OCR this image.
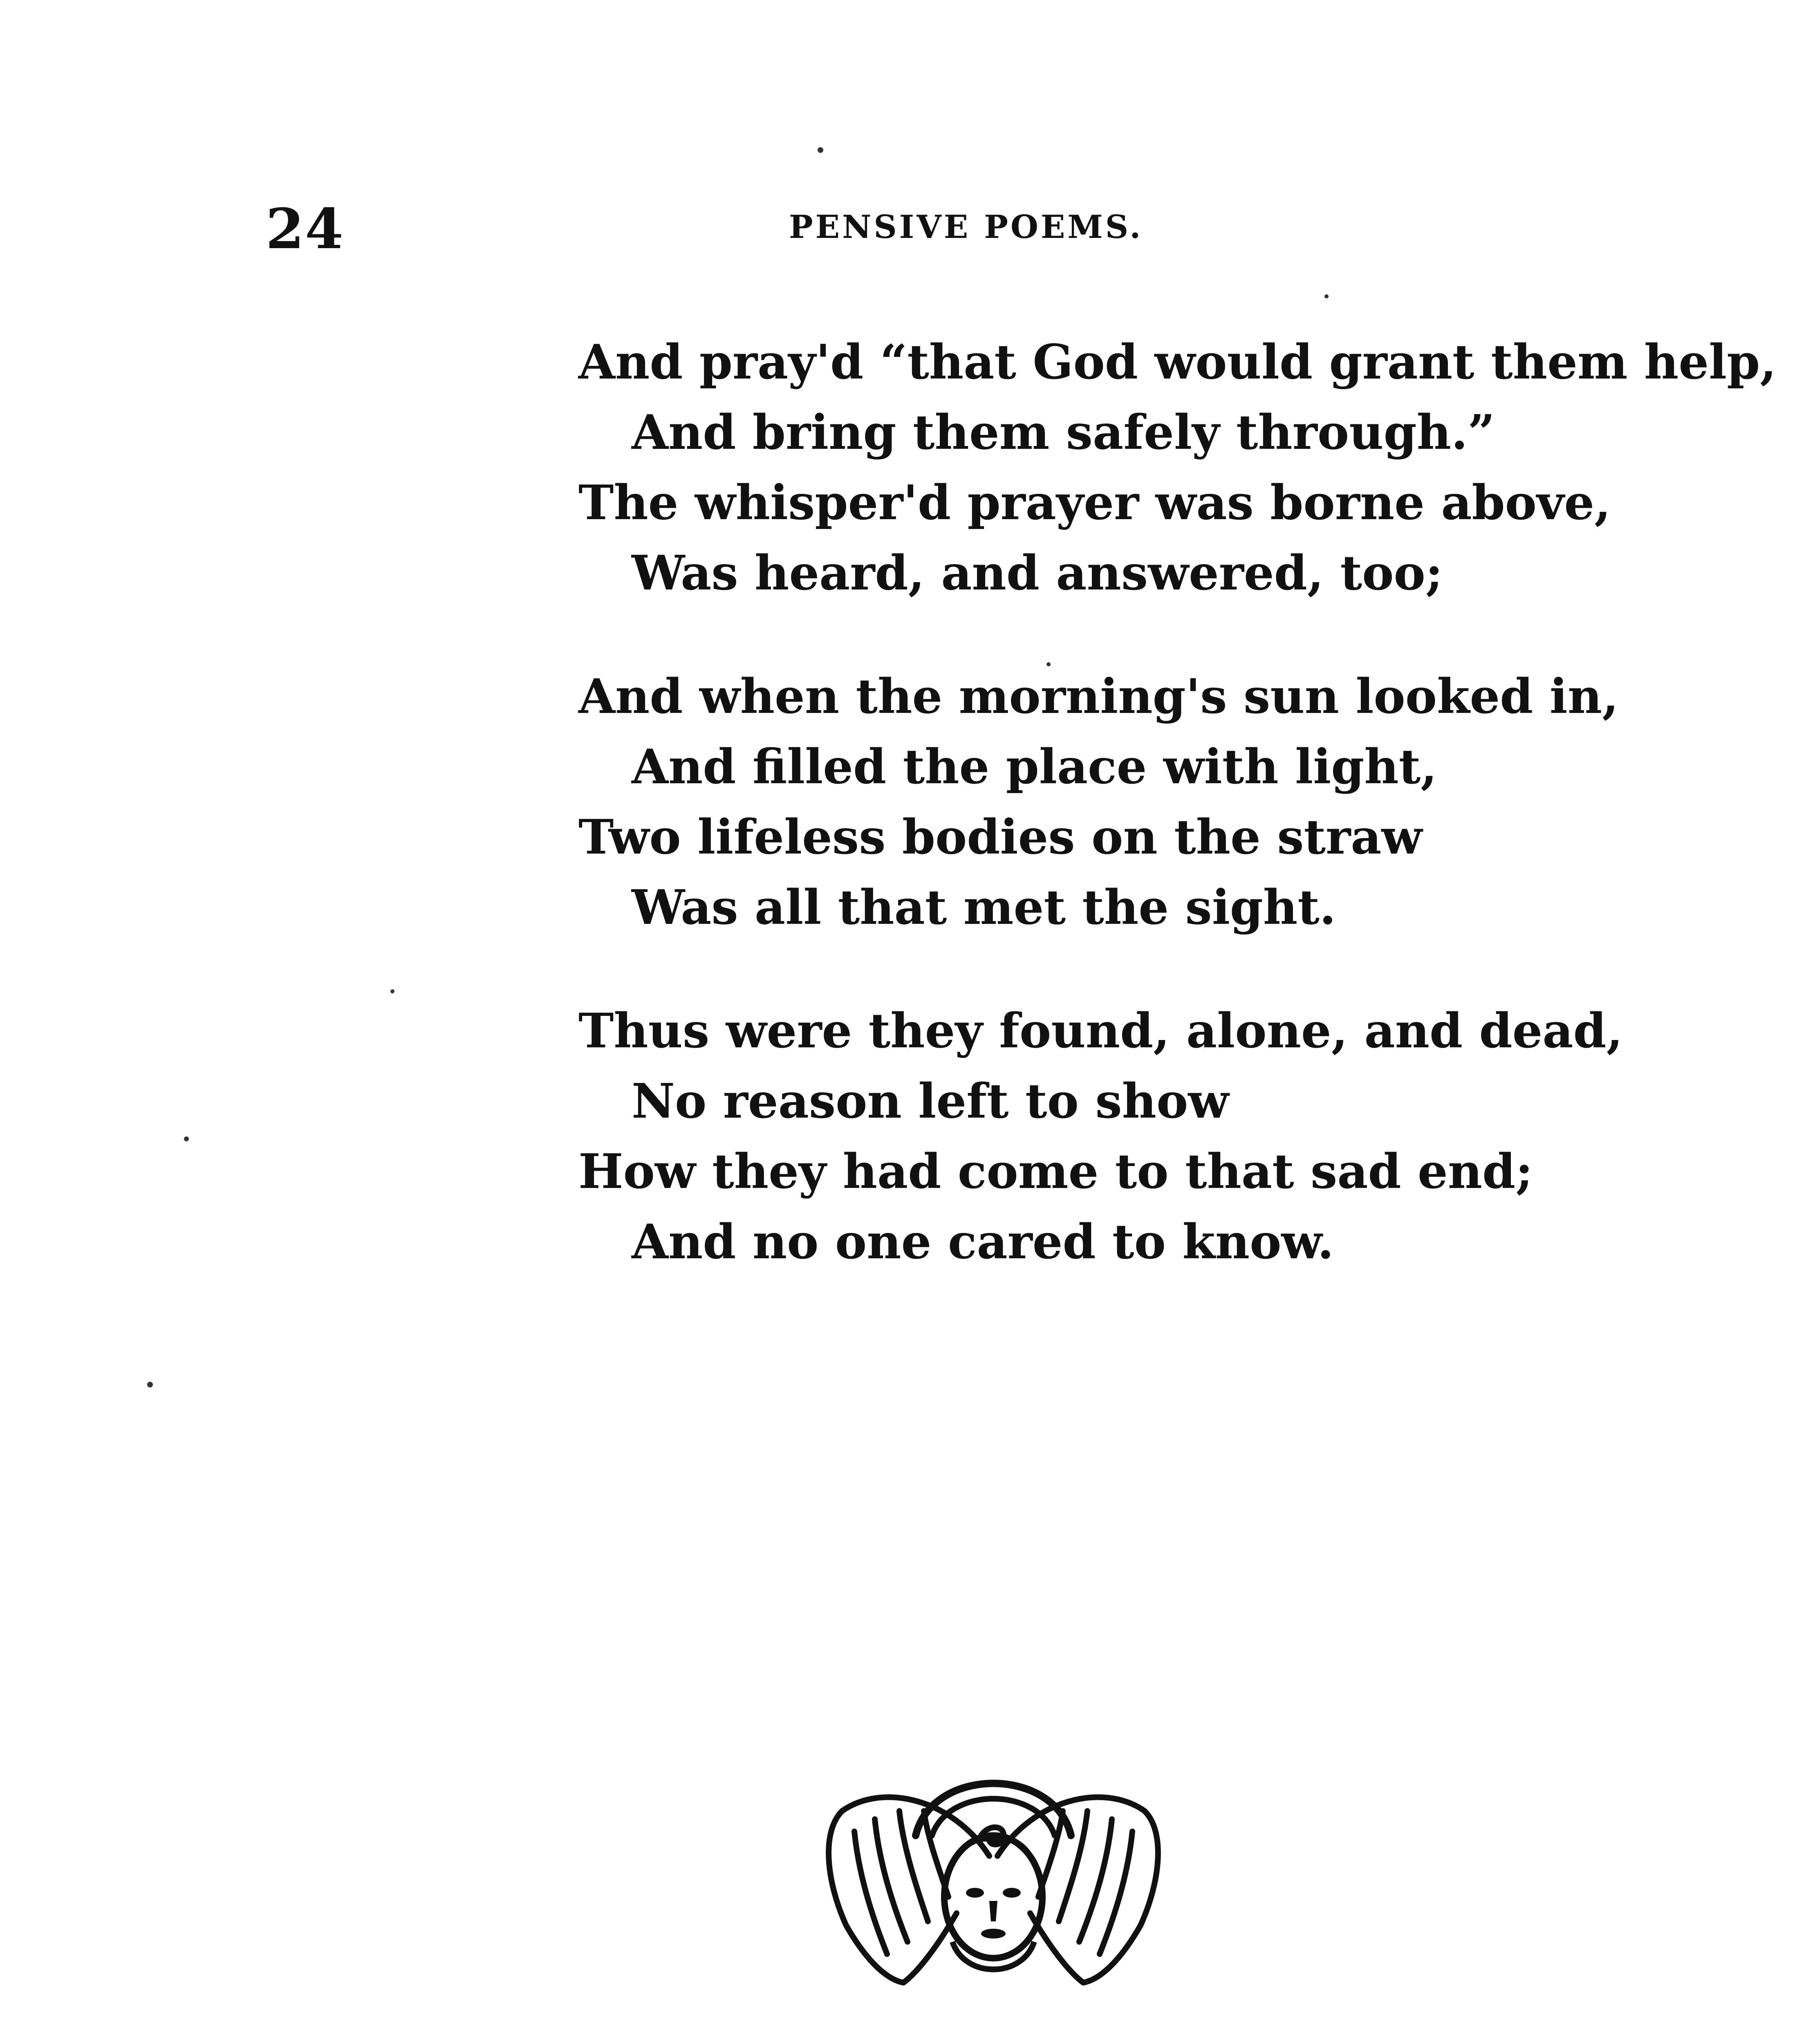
24	PENSIVE POEMS.
And pray'd “that God would grant them help,
And bring them safely through.”
The whisper'd prayer was borne above,
Was heard, and answered, too;
And when the morning's sun looked in,
And filled the place with light,
Two lifeless bodies on the straw
Was all that met the sight.
Thus were they found, alone, and dead,
No reason left to show
How they had come to that sad end;
And no one cared to know.
